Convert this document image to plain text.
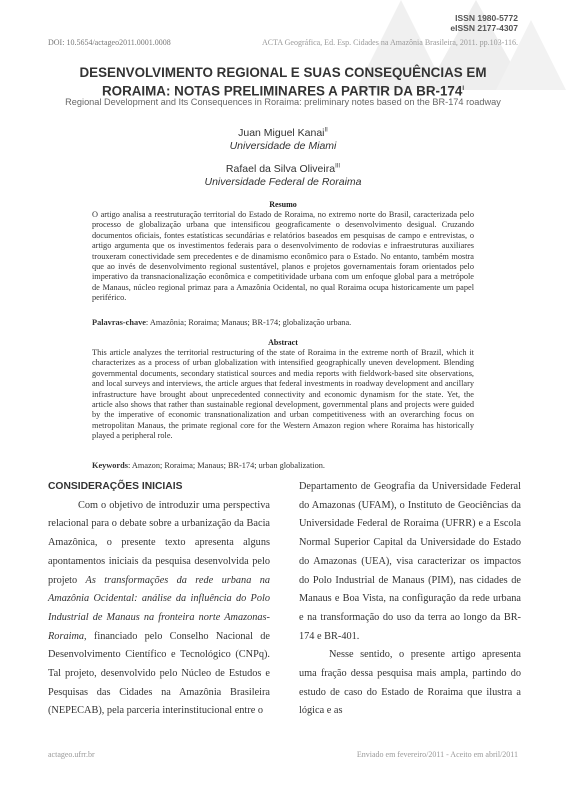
ISSN 1980-5772
eISSN 2177-4307
DOI: 10.5654/actageo2011.0001.0008	ACTA Geográfica, Ed. Esp. Cidades na Amazônia Brasileira, 2011. pp.103-116.
DESENVOLVIMENTO REGIONAL E SUAS CONSEQUÊNCIAS EM
RORAIMA: NOTAS PRELIMINARES A PARTIR DA $BR-174^I$
Regional Development and Its Consequences in Roraima: preliminary notes based on the BR-174 roadway
Juan Miguel Kanai$^{II}$
Universidade de Miami
Rafael da Silva Oliveira$^{III}$
Universidade Federal de Roraima
Resumo
O artigo analisa a reestruturação territorial do Estado de Roraima, no extremo norte do Brasil, caracterizada pelo processo de globalização urbana que intensificou geograficamente o desenvolvimento desigual. Cruzando documentos oficiais, fontes estatísticas secundárias e relatórios baseados em pesquisas de campo e entrevistas, o artigo argumenta que os investimentos federais para o desenvolvimento de rodovias e infraestruturas auxiliares trouxeram conectividade sem precedentes e de dinamismo econômico para o Estado. No entanto, também mostra que ao invés de desenvolvimento regional sustentável, planos e projetos governamentais foram orientados pelo imperativo da transnacionalização econômica e competitividade urbana com um enfoque global para a metrópole de Manaus, núcleo regional primaz para a Amazônia Ocidental, no qual Roraima ocupa historicamente um papel periférico.
Palavras-chave: Amazônia; Roraima; Manaus; BR-174; globalização urbana.
Abstract
This article analyzes the territorial restructuring of the state of Roraima in the extreme north of Brazil, which it characterizes as a process of urban globalization with intensified geographically uneven development. Blending governmental documents, secondary statistical sources and media reports with fieldwork-based site observations, and local surveys and interviews, the article argues that federal investments in roadway development and ancillary infrastructure have brought about unprecedented connectivity and economic dynamism for the state. Yet, the article also shows that rather than sustainable regional development, governmental plans and projects were guided by the imperative of economic transnationalization and urban competitiveness with an overarching focus on metropolitan Manaus, the primate regional core for the Western Amazon region where Roraima has historically played a peripheral role.
Keywords: Amazon; Roraima; Manaus; BR-174; urban globalization.
CONSIDERAÇÕES INICIAIS
Com o objetivo de introduzir uma perspectiva relacional para o debate sobre a urbanização da Bacia Amazônica, o presente texto apresenta alguns apontamentos iniciais da pesquisa desenvolvida pelo projeto As transformações da rede urbana na Amazônia Ocidental: análise da influência do Polo Industrial de Manaus na fronteira norte Amazonas-Roraima, financiado pelo Conselho Nacional de Desenvolvimento Científico e Tecnológico (CNPq). Tal projeto, desenvolvido pelo Núcleo de Estudos e Pesquisas das Cidades na Amazônia Brasileira (NEPECAB), pela parceria interinstitucional entre o
Departamento de Geografia da Universidade Federal do Amazonas (UFAM), o Instituto de Geociências da Universidade Federal de Roraima (UFRR) e a Escola Normal Superior Capital da Universidade do Estado do Amazonas (UEA), visa caracterizar os impactos do Polo Industrial de Manaus (PIM), nas cidades de Manaus e Boa Vista, na configuração da rede urbana e na transformação do uso da terra ao longo da BR-174 e BR-401.
Nesse sentido, o presente artigo apresenta uma fração dessa pesquisa mais ampla, partindo do estudo de caso do Estado de Roraima que ilustra a lógica e as
actageo.ufrr.br	Enviado em fevereiro/2011 - Aceito em abril/2011
